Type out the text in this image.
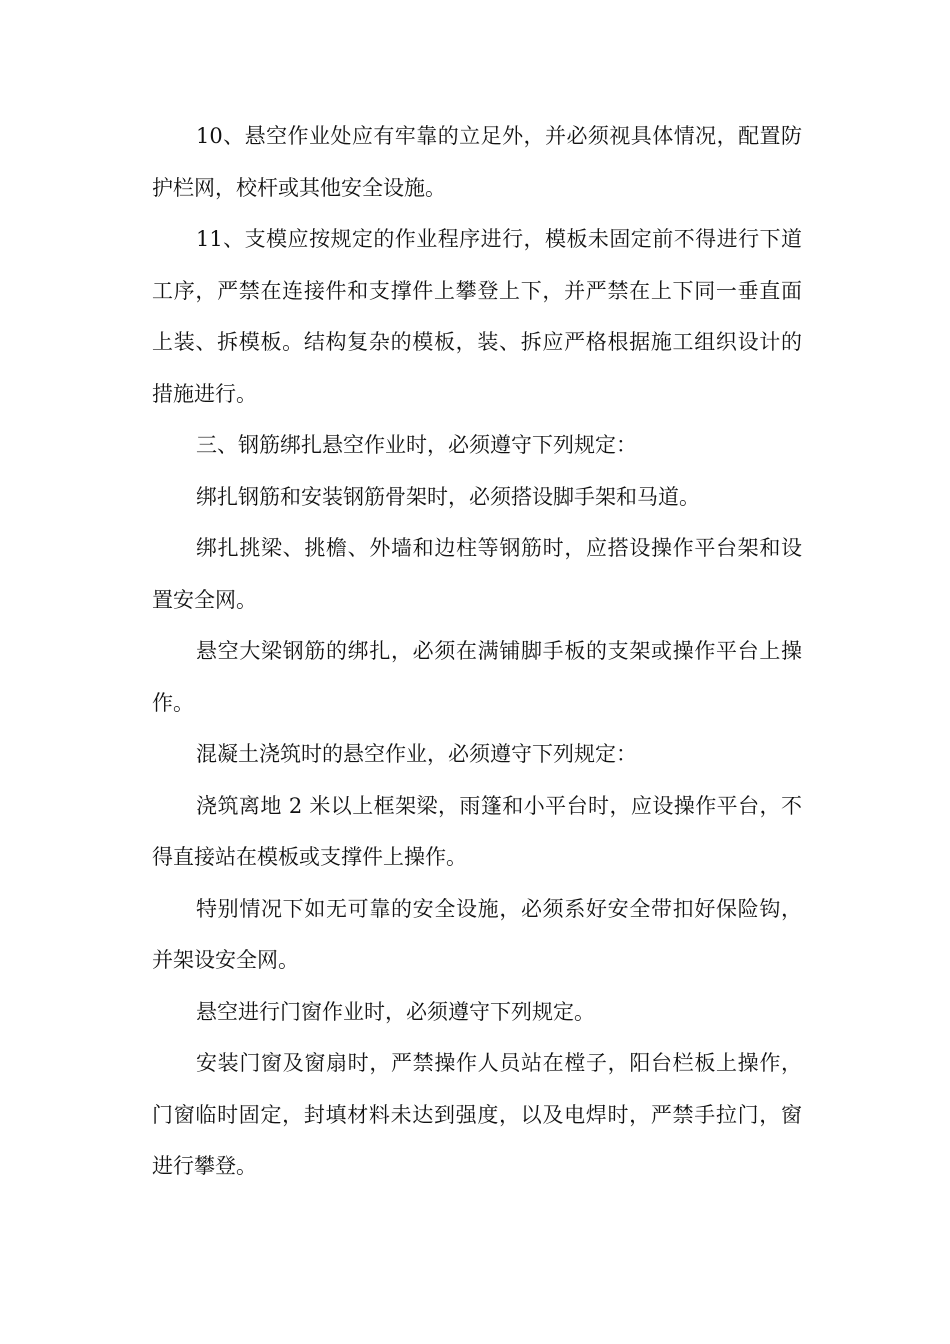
10、悬空作业处应有牢靠的立足外，并必须视具体情况，配置防护栏网，校杆或其他安全设施。

11、支模应按规定的作业程序进行，模板未固定前不得进行下道工序，严禁在连接件和支撑件上攀登上下，并严禁在上下同一垂直面上装、拆模板。结构复杂的模板，装、拆应严格根据施工组织设计的措施进行。

三、钢筋绑扎悬空作业时，必须遵守下列规定：

绑扎钢筋和安装钢筋骨架时，必须搭设脚手架和马道。

绑扎挑梁、挑檐、外墙和边柱等钢筋时，应搭设操作平台架和设置安全网。

悬空大梁钢筋的绑扎，必须在满铺脚手板的支架或操作平台上操作。

混凝土浇筑时的悬空作业，必须遵守下列规定：

浇筑离地 2 米以上框架梁，雨篷和小平台时，应设操作平台，不得直接站在模板或支撑件上操作。

特别情况下如无可靠的安全设施，必须系好安全带扣好保险钩，并架设安全网。

悬空进行门窗作业时，必须遵守下列规定。

安装门窗及窗扇时，严禁操作人员站在樘子，阳台栏板上操作，门窗临时固定，封填材料未达到强度，以及电焊时，严禁手拉门，窗进行攀登。
